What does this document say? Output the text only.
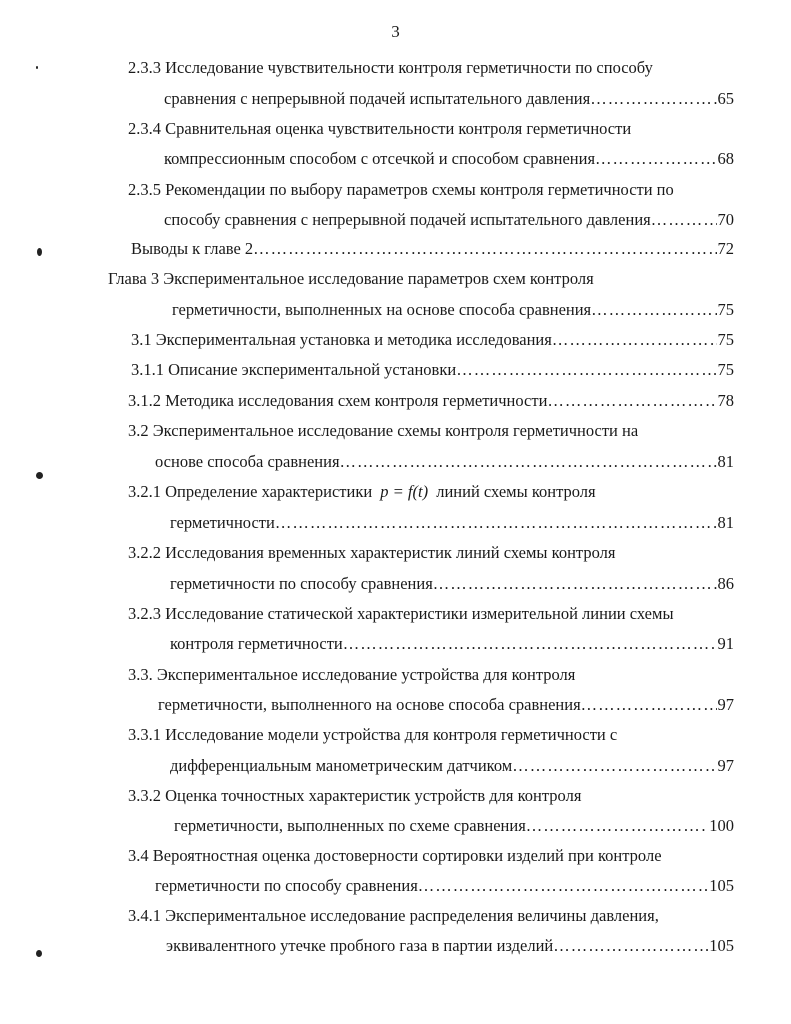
3
2.3.3 Исследование чувствительности контроля герметичности по способу
сравнения с непрерывной подачей испытательного давления …………………………………………………………………………………………………………………………………………………………………………	65
2.3.4 Сравнительная оценка чувствительности контроля герметичности
компрессионным способом с отсечкой и способом сравнения …………………………………………………………………………………………………………………………………………………………………………	68
2.3.5 Рекомендации по выбору параметров схемы контроля герметичности по
способу сравнения с непрерывной подачей испытательного давления …………………………………………………………………………………………………………………………………………………………………………	70
Выводы к главе 2 …………………………………………………………………………………………………………………………………………………………………………	72
Глава 3 Экспериментальное исследование параметров схем контроля
герметичности, выполненных на основе способа сравнения …………………………………………………………………………………………………………………………………………………………………………	75
3.1 Экспериментальная установка и методика исследования …………………………………………………………………………………………………………………………………………………………………………	75
3.1.1 Описание экспериментальной установки …………………………………………………………………………………………………………………………………………………………………………	75
3.1.2 Методика исследования схем контроля герметичности …………………………………………………………………………………………………………………………………………………………………………	78
3.2 Экспериментальное исследование схемы контроля герметичности на
основе способа сравнения …………………………………………………………………………………………………………………………………………………………………………	81
3.2.1 Определение характеристики p = f(t) линий схемы контроля
герметичности …………………………………………………………………………………………………………………………………………………………………………	81
3.2.2 Исследования временных характеристик линий схемы контроля
герметичности по способу сравнения …………………………………………………………………………………………………………………………………………………………………………	86
3.2.3 Исследование статической характеристики измерительной линии схемы
контроля герметичности …………………………………………………………………………………………………………………………………………………………………………	91
3.3. Экспериментальное исследование устройства для контроля
герметичности, выполненного на основе способа сравнения …………………………………………………………………………………………………………………………………………………………………………	97
3.3.1 Исследование модели устройства для контроля герметичности с
дифференциальным манометрическим датчиком …………………………………………………………………………………………………………………………………………………………………………	97
3.3.2 Оценка точностных характеристик устройств для контроля
герметичности, выполненных по схеме сравнения …………………………………………………………………………………………………………………………………………………………………………	100
3.4 Вероятностная оценка достоверности сортировки изделий при контроле
герметичности по способу сравнения …………………………………………………………………………………………………………………………………………………………………………	105
3.4.1 Экспериментальное исследование распределения величины давления,
эквивалентного утечке пробного газа в партии изделий …………………………………………………………………………………………………………………………………………………………………………	105
